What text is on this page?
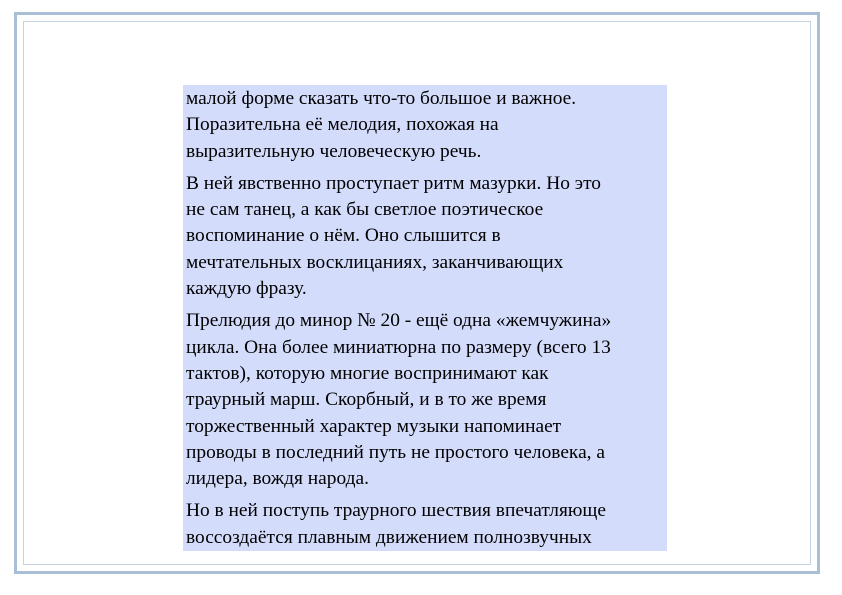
малой форме сказать что-то большое и важное.
Поразительна её мелодия, похожая на
выразительную человеческую речь.

В ней явственно проступает ритм мазурки. Но это
не сам танец, а как бы светлое поэтическое
воспоминание о нём. Оно слышится в
мечтательных восклицаниях, заканчивающих
каждую фразу.

Прелюдия до минор № 20 - ещё одна «жемчужина»
цикла. Она более миниатюрна по размеру (всего 13
тактов), которую многие воспринимают как
траурный марш. Скорбный, и в то же время
торжественный характер музыки напоминает
проводы в последний путь не простого человека, а
лидера, вождя народа.

Но в ней поступь траурного шествия впечатляюще
воссоздаётся плавным движением полнозвучных
